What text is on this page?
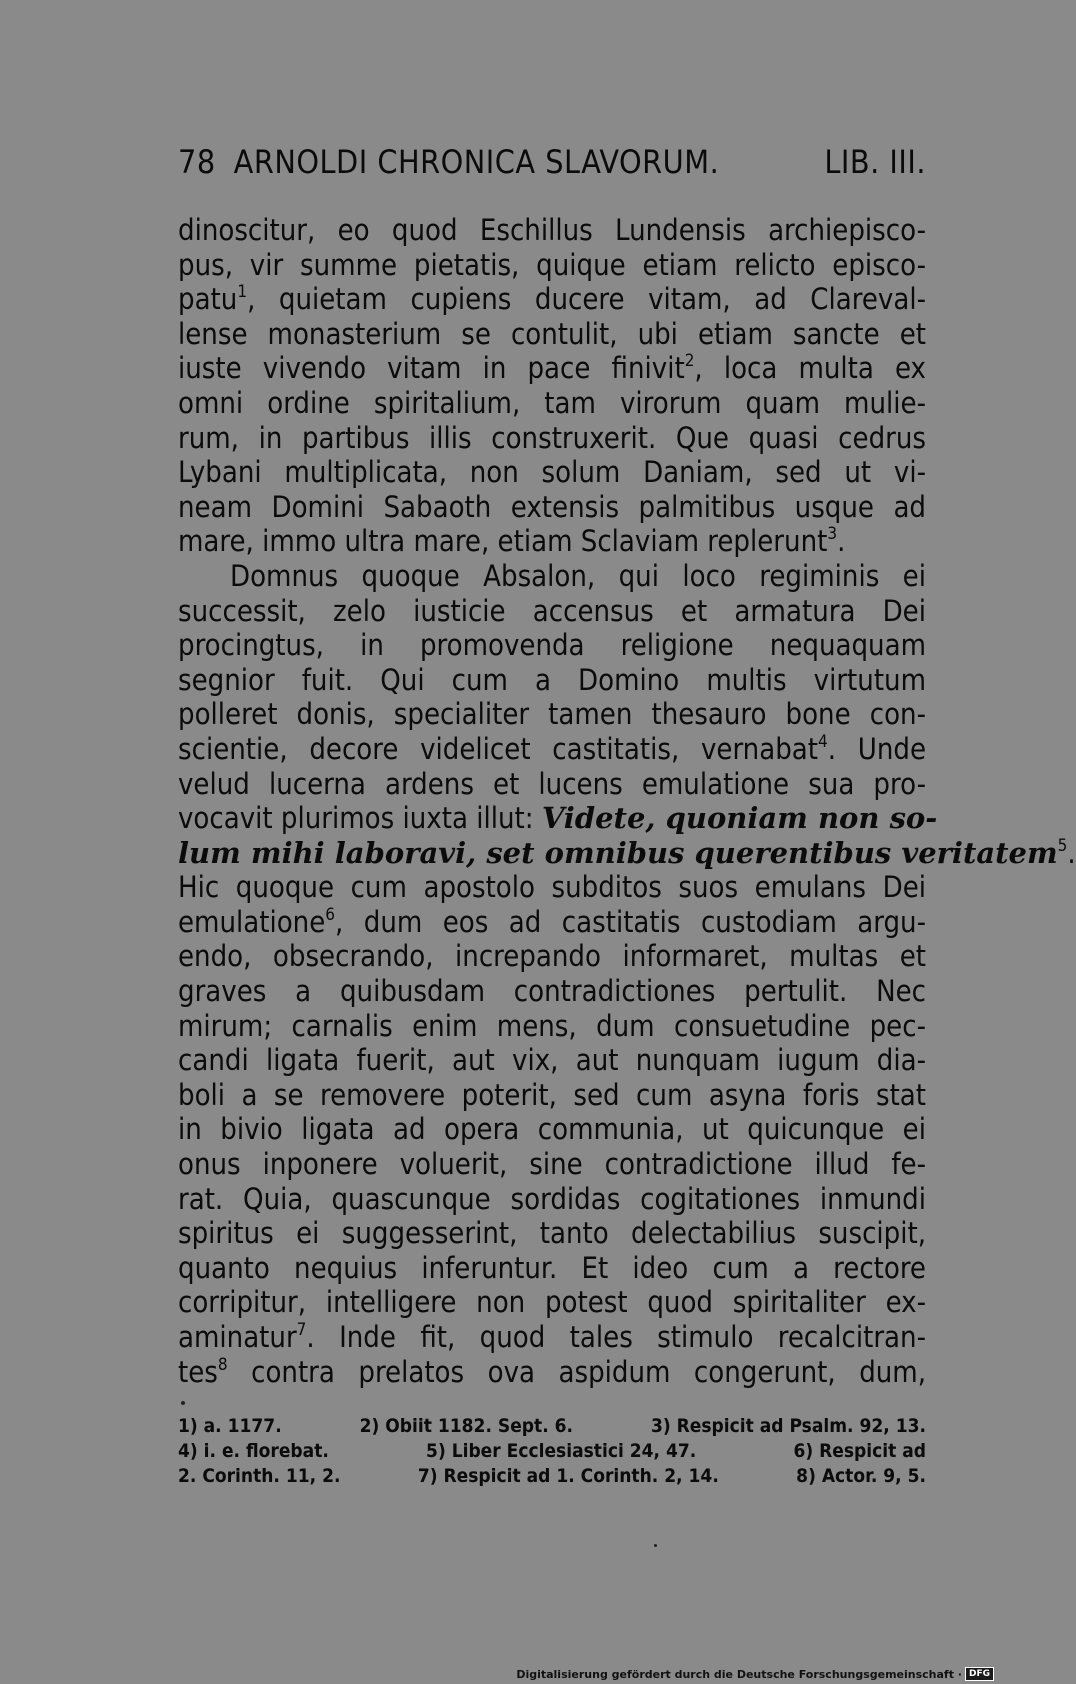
78 ARNOLDI CHRONICA SLAVORUM.	LIB. III.
dinoscitur, eo quod Eschillus Lundensis archiepisco-
pus, vir summe pietatis, quique etiam relicto episco-
patu$^1$, quietam cupiens ducere vitam, ad Clareval-
lense monasterium se contulit, ubi etiam sancte et
iuste vivendo vitam in pace finivit$^2$, loca multa ex
omni ordine spiritalium, tam virorum quam mulie-
rum, in partibus illis construxerit. Que quasi cedrus
Lybani multiplicata, non solum Daniam, sed ut vi-
neam Domini Sabaoth extensis palmitibus usque ad
mare, immo ultra mare, etiam Sclaviam replerunt$^3$.
Domnus quoque Absalon, qui loco regiminis ei
successit, zelo iusticie accensus et armatura Dei
procingtus, in promovenda religione nequaquam
segnior fuit. Qui cum a Domino multis virtutum
polleret donis, specialiter tamen thesauro bone con-
scientie, decore videlicet castitatis, vernabat$^4$. Unde
velud lucerna ardens et lucens emulatione sua pro-
vocavit plurimos iuxta illut: Videte, quoniam non so-
lum mihi laboravi, set omnibus querentibus veritatem$^5$.
Hic quoque cum apostolo subditos suos emulans Dei
emulatione$^6$, dum eos ad castitatis custodiam argu-
endo, obsecrando, increpando informaret, multas et
graves a quibusdam contradictiones pertulit. Nec
mirum; carnalis enim mens, dum consuetudine pec-
candi ligata fuerit, aut vix, aut nunquam iugum dia-
boli a se removere poterit, sed cum asyna foris stat
in bivio ligata ad opera communia, ut quicunque ei
onus inponere voluerit, sine contradictione illud fe-
rat. Quia, quascunque sordidas cogitationes inmundi
spiritus ei suggesserint, tanto delectabilius suscipit,
quanto nequius inferuntur. Et ideo cum a rectore
corripitur, intelligere non potest quod spiritaliter ex-
aminatur$^7$. Inde fit, quod tales stimulo recalcitran-
tes$^8$ contra prelatos ova aspidum congerunt, dum,
1) a. 1177.	2) Obiit 1182. Sept. 6.	3) Respicit ad Psalm. 92, 13.
4) i. e. florebat.	5) Liber Ecclesiastici 24, 47.	6) Respicit ad
2. Corinth. 11, 2.	7) Respicit ad 1. Corinth. 2, 14.	8) Actor. 9, 5.
Digitalisierung gefördert durch die Deutsche Forschungsgemeinschaft · DFG
